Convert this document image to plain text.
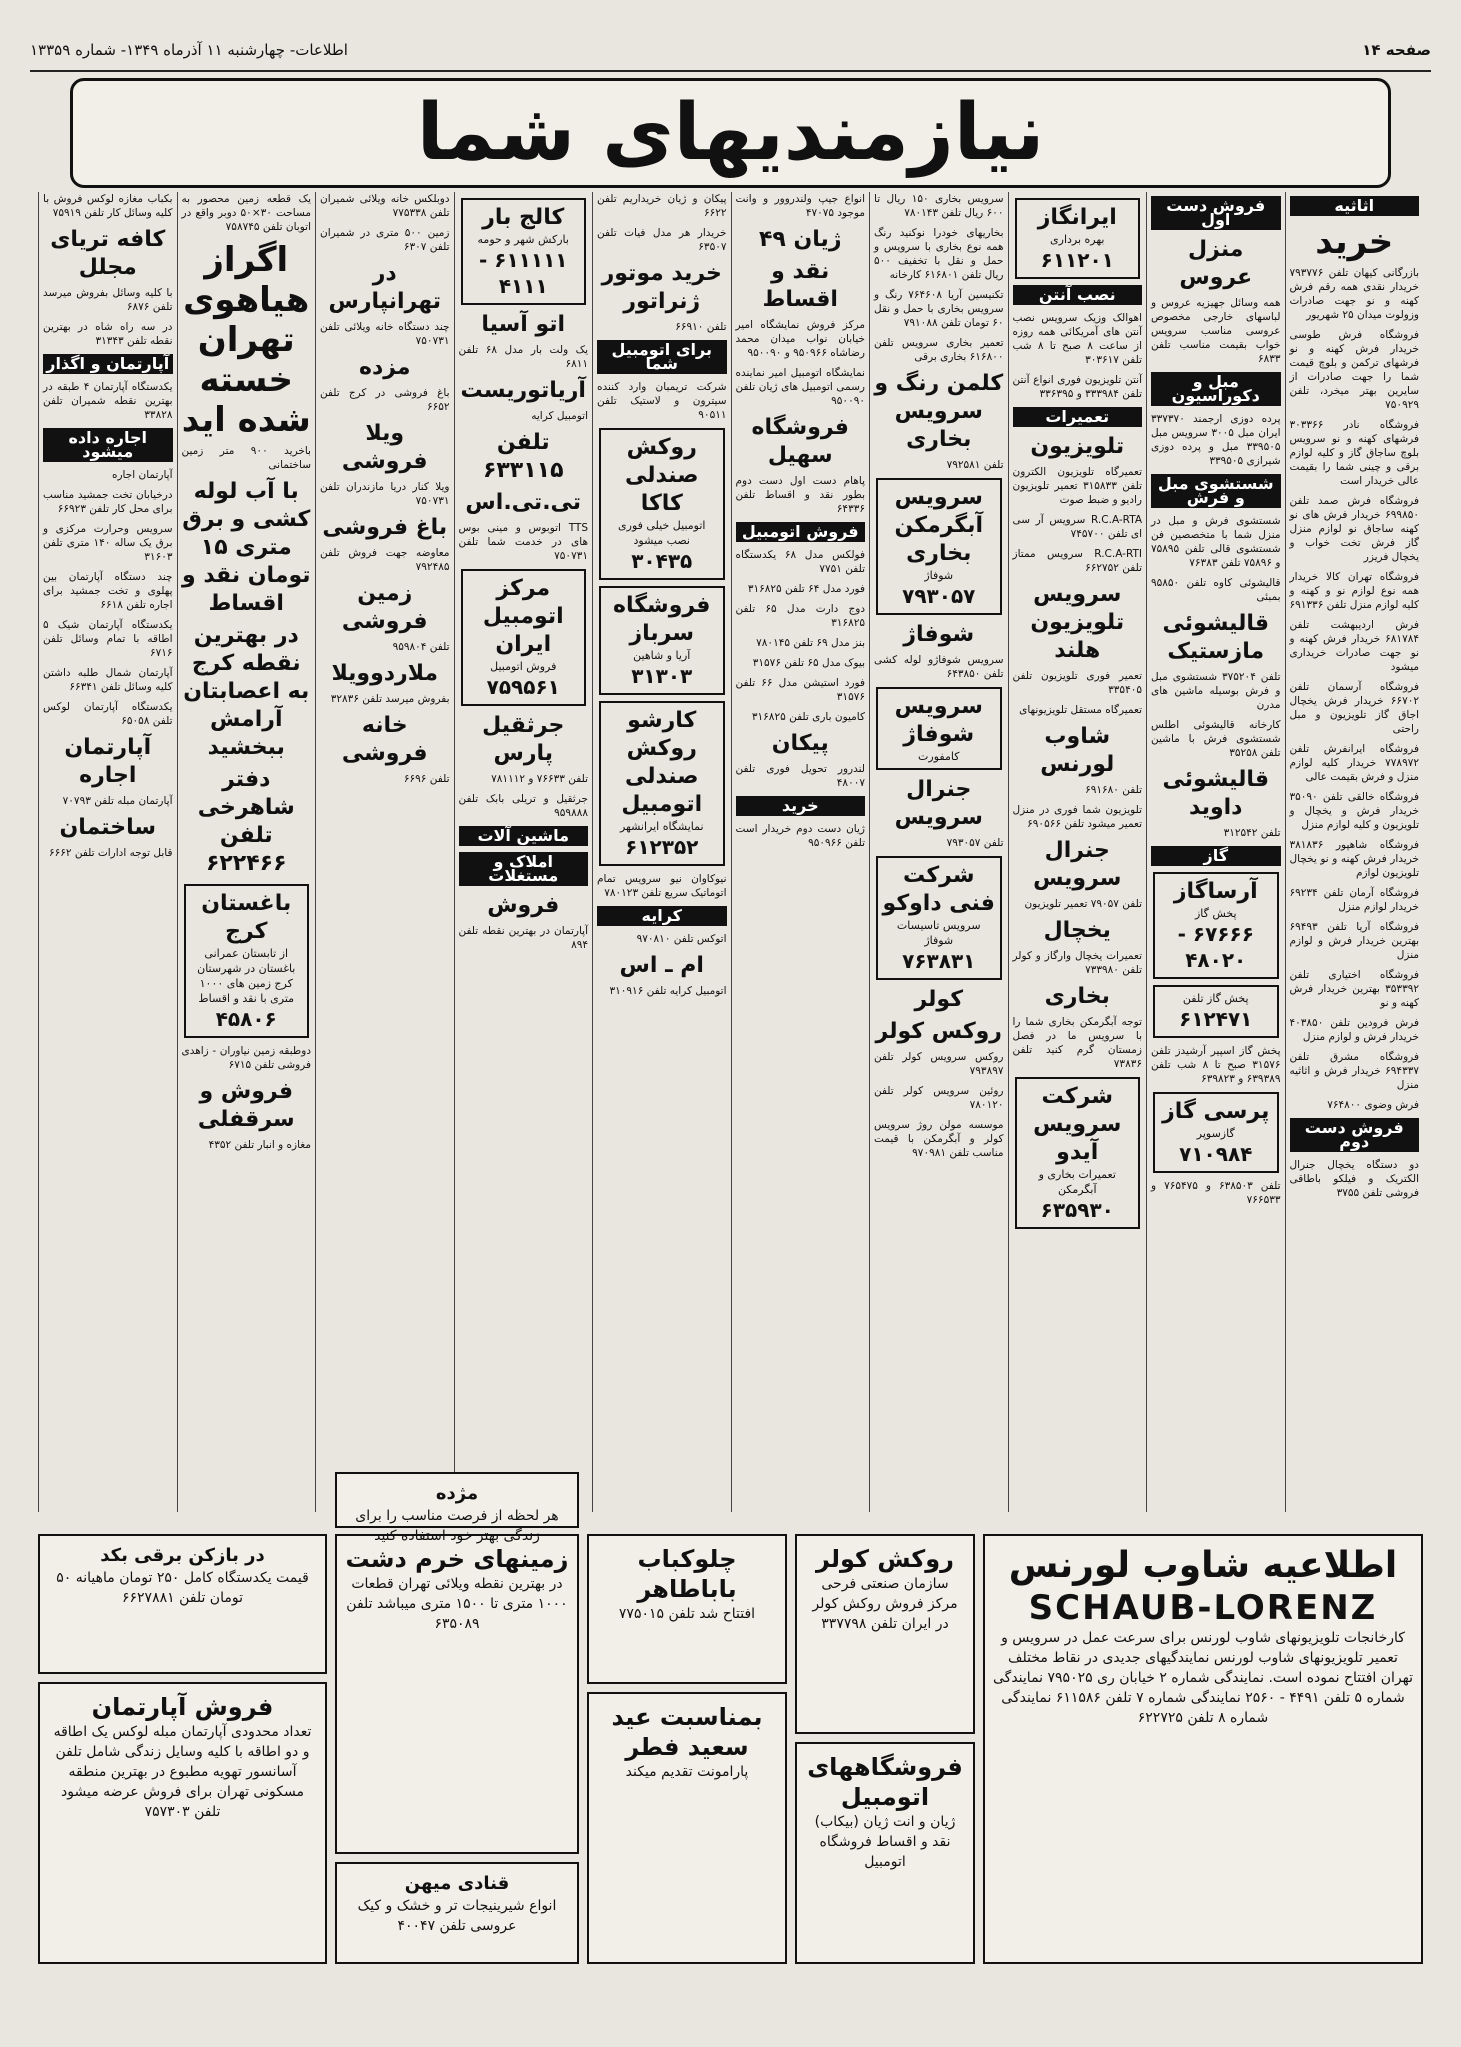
صفحه ۱۴
اطلاعات- چهارشنبه ۱۱ آذرماه ۱۳۴۹- شماره ۱۳۳۵۹
نیازمندیهای شما
اثاثیه
خرید

بازرگانی کیهان تلفن ۷۹۳۷۷۶ خریدار نقدی همه رقم فرش کهنه و نو جهت صادرات وزولوت میدان ۲۵ شهریور

فروشگاه فرش طوسی خریدار فرش کهنه و نو فرشهای ترکمن و بلوچ قیمت شما را جهت صادرات از سایرین بهتر میخرد، تلفن ۷۵۰۹۲۹

فروشگاه نادر ۳۰۳۳۶۶ فرشهای کهنه و نو سرویس بلوچ ساجاق گاز و کلیه لوازم برقی و چینی شما را بقیمت عالی خریدار است

فروشگاه فرش صمد تلفن ۶۹۹۸۵۰ خریدار فرش های نو کهنه ساجاق نو لوازم منزل گاز فرش تخت خواب و یخچال فریزر

فروشگاه تهران کالا خریدار همه نوع لوازم نو و کهنه و کلیه لوازم منزل تلفن ۶۹۱۳۳۶

فرش اردیبهشت تلفن ۶۸۱۷۸۴ خریدار فرش کهنه و نو جهت صادرات خریداری میشود

فروشگاه آرسمان تلفن ۶۶۷۰۲ خریدار فرش یخچال اجاق گاز تلویزیون و مبل راحتی

فروشگاه ایرانفرش تلفن ۷۷۸۹۷۲ خریدار کلیه لوازم منزل و فرش بقیمت عالی

فروشگاه خالقی تلفن ۳۵۰۹۰ خریدار فرش و یخچال و تلویزیون و کلیه لوازم منزل

فروشگاه شاهپور ۳۸۱۸۳۶ خریدار فرش کهنه و نو یخچال تلویزیون لوازم

فروشگاه آرمان تلفن ۶۹۲۳۴ خریدار لوازم منزل

فروشگاه آریا تلفن ۶۹۴۹۳ بهترین خریدار فرش و لوازم منزل

فروشگاه اختیاری تلفن ۳۵۳۳۹۲ بهترین خریدار فرش کهنه و نو

فرش فرودین تلفن ۴۰۳۸۵۰ خریدار فرش و لوازم منزل

فروشگاه مشرق تلفن ۶۹۴۳۳۷ خریدار فرش و اثاثیه منزل

فرش وضوی ۷۶۴۸۰۰

فروش دست دوم

دو دستگاه یخچال جنرال الکتریک و فیلکو باطاقی فروشی تلفن ۳۷۵۵

فروش دست اول
منزل عروس

همه وسائل جهیزیه عروس و لباسهای خارجی مخصوص عروسی مناسب سرویس خواب بقیمت مناسب تلفن ۶۸۳۳

مبل و دکوراسیون

پرده دوزی ارجمند ۳۳۷۳۷۰ ایران مبل ۳۰۰۵ سرویس مبل ۳۳۹۵۰۵ مبل و پرده دوزی شیرازی ۳۳۹۵۰۵

شستشوی مبل و فرش

شستشوی فرش و مبل در منزل شما با متخصصین فن شستشوی قالی تلفن ۷۵۸۹۵ و ۷۵۸۹۶ تلفن ۷۶۳۸۳

قالیشوئی کاوه تلفن ۹۵۸۵۰ بمبئی

قالیشوئی مازستیک

تلفن ۳۷۵۲۰۴ شستشوی مبل و فرش بوسیله ماشین های مدرن

کارخانه قالیشوئی اطلس شستشوی فرش با ماشین تلفن ۳۵۲۵۸

قالیشوئی داوید

تلفن ۳۱۲۵۴۲

گاز
آرساگاز
پخش گاز
۶۷۶۶۶ - ۴۸۰۲۰
پخش گاز تلفن
۶۱۲۴۷۱

پخش گاز اسپیر آرشیدز تلفن ۳۱۵۷۶ صبح تا ۸ شب تلفن ۶۳۹۳۸۹ و ۶۳۹۸۲۳

پرسی گاز
گازسوپر
۷۱۰۹۸۴

تلفن ۶۳۸۵۰۳ و ۷۶۵۴۷۵ و ۷۶۶۵۳۳

ایرانگاز
بهره برداری
۶۱۱۲۰۱
نصب آنتن

اهوالک وزیک سرویس نصب آنتن های آمریکائی همه روزه از ساعت ۸ صبح تا ۸ شب تلفن ۳۰۳۶۱۷

آنتن تلویزیون فوری انواع آنتن تلفن ۳۳۳۹۸۴ و ۳۳۶۳۹۵

تعمیرات
تلویزیون

تعمیرگاه تلویزیون الکترون تلفن ۳۱۵۸۳۳ تعمیر تلویزیون رادیو و ضبط صوت

R.C.A-RTA سرویس آر سی ای تلفن ۷۴۵۷۰۰

R.C.A-RTI سرویس ممتاز تلفن ۶۶۲۷۵۲

سرویس تلویزیون هلند

تعمیر فوری تلویزیون تلفن ۳۳۵۴۰۵

تعمیرگاه مستقل تلویزیونهای

شاوب لورنس

تلفن ۶۹۱۶۸۰

تلویزیون شما فوری در منزل تعمیر میشود تلفن ۶۹۰۵۶۶

جنرال سرویس

تلفن ۷۹۰۵۷ تعمیر تلویزیون

یخچال

تعمیرات یخچال وارگاز و کولر تلفن ۷۳۳۹۸۰

بخاری

توجه آبگرمکن بخاری شما را با سرویس ما در فصل زمستان گرم کنید تلفن ۷۳۸۳۶

شرکت سرویس آیدو
تعمیرات بخاری و آبگرمکن
۶۳۵۹۳۰

سرویس بخاری ۱۵۰ ریال تا ۶۰۰ ریال تلفن ۷۸۰۱۴۳

بخاریهای خودرا نوکنید رنگ همه نوع بخاری با سرویس و حمل و نقل با تخفیف ۵۰۰ ریال تلفن ۶۱۶۸۰۱ کارخانه

تکنیسین آریا ۷۶۴۶۰۸ رنگ و سرویس بخاری با حمل و نقل ۶۰ تومان تلفن ۷۹۱۰۸۸

تعمیر بخاری سرویس تلفن ۶۱۶۸۰۰ بخاری برقی

کلمن رنگ و سرویس بخاری

تلفن ۷۹۲۵۸۱

سرویس آبگرمکن بخاری
شوفاژ
۷۹۳۰۵۷
شوفاژ

سرویس شوفاژو لوله کشی تلفن ۶۴۳۸۵۰

سرویس شوفاژ
کامفورت
جنرال سرویس

تلفن ۷۹۳۰۵۷

شرکت فنی داوکو
سرویس تاسیسات شوفاژ
۷۶۳۸۳۱
کولر
روکس کولر

روکس سرویس کولر تلفن ۷۹۳۸۹۷

روئین سرویس کولر تلفن ۷۸۰۱۲۰

موسسه مولن روژ سرویس کولر و آبگرمکن با قیمت مناسب تلفن ۹۷۰۹۸۱

انواع جیپ ولندروور و وانت موجود ۴۷۰۷۵

ژیان ۴۹
نقد و اقساط

مرکز فروش نمایشگاه امیر خیابان نواب میدان محمد رضاشاه ۹۵۰۹۶۶ و ۹۵۰۰۹۰

نمایشگاه اتومبیل امیر نماینده رسمی اتومبیل های ژیان تلفن ۹۵۰۰۹۰

فروشگاه سهیل

پاهام دست اول دست دوم بطور نقد و اقساط تلفن ۶۴۳۳۶

فروش اتومبیل

فولکس مدل ۶۸ یکدستگاه تلفن ۷۷۵۱

فورد مدل ۶۴ تلفن ۳۱۶۸۲۵

دوج دارت مدل ۶۵ تلفن ۳۱۶۸۲۵

بنز مدل ۶۹ تلفن ۷۸۰۱۴۵

بیوک مدل ۶۵ تلفن ۳۱۵۷۶

فورد استیشن مدل ۶۶ تلفن ۳۱۵۷۶

کامیون باری تلفن ۳۱۶۸۲۵

پیکان

لندرور تحویل فوری تلفن ۴۸۰۰۷

خرید

ژیان دست دوم خریدار است تلفن ۹۵۰۹۶۶

پیکان و ژیان خریداریم تلفن ۶۶۲۲

خریدار هر مدل فیات تلفن ۶۳۵۰۷

خرید موتور ژنراتور

تلفن ۶۶۹۱۰

برای اتومبیل شما

شرکت تریمبان وارد کننده سیترون و لاستیک تلفن ۹۰۵۱۱

روکش صندلی کاکا
اتومبیل خیلی فوری نصب میشود
۳۰۴۳۵
فروشگاه سرباز
آریا و شاهین
۳۱۳۰۳
کارشو روکش صندلی اتومبیل
نمایشگاه ایرانشهر
۶۱۲۳۵۲

نیوکاوان نیو سرویس تمام اتوماتیک سریع تلفن ۷۸۰۱۲۳

کرایه

اتوکس تلفن ۹۷۰۸۱۰

ام ـ اس

اتومبیل کرایه تلفن ۳۱۰۹۱۶

کالج بار
بارکش شهر و حومه
۶۱۱۱۱۱ - ۴۱۱۱
اتو آسیا

یک ولت بار مدل ۶۸ تلفن ۶۸۱۱

آریاتوریست

اتومبیل کرایه

تلفن ۶۳۳۱۱۵
تی.تی.اس

TTS اتوبوس و مینی بوس های در خدمت شما تلفن ۷۵۰۷۳۱

مرکز اتومبیل ایران
فروش اتومبیل
۷۵۹۵۶۱
جرثقیل پارس

تلفن ۷۶۶۳۳ و ۷۸۱۱۱۲

جرثقیل و تریلی بابک تلفن ۹۵۹۸۸۸

ماشین آلات
املاک و مستغلات
فروش

آپارتمان در بهترین نقطه تلفن ۸۹۴

دوبلکس خانه ویلائی شمیران تلفن ۷۷۵۳۳۸

زمین ۵۰۰ متری در شمیران تلفن ۶۳۰۷

در تهرانپارس

چند دستگاه خانه ویلائی تلفن ۷۵۰۷۳۱

مزده

باغ فروشی در کرج تلفن ۶۶۵۲

ویلا فروشی

ویلا کنار دریا مازندران تلفن ۷۵۰۷۳۱

باغ فروشی

معاوضه جهت فروش تلفن ۷۹۲۴۸۵

زمین فروشی

تلفن ۹۵۹۸۰۴

ملاردوویلا

بفروش میرسد تلفن ۳۲۸۳۶

خانه فروشی

تلفن ۶۶۹۶

یک قطعه زمین محصور به مساحت ۳۰×۵۰ دوبر واقع در اتوبان تلفن ۷۵۸۷۴۵

اگراز هیاهوی تهران خسته شده اید

باخرید ۹۰۰ متر زمین ساختمانی

با آب لوله کشی و برق متری ۱۵ تومان نقد و اقساط
در بهترین نقطه کرج به اعصابتان آرامش ببخشید
دفتر شاهرخی تلفن ۶۲۲۴۶۶
باغستان کرج
از تابستان عمرانی باغستان در شهرستان کرج زمین های ۱۰۰۰ متری با نقد و اقساط
۴۵۸۰۶

دوطبقه زمین نیاوران - زاهدی فروشی تلفن ۶۷۱۵

فروش و سرقفلی

مغازه و انبار تلفن ۴۳۵۲

بکباب مغازه لوکس فروش با کلیه وسائل کار تلفن ۷۵۹۱۹

کافه تریای مجلل

با کلیه وسائل بفروش میرسد تلفن ۶۸۷۶

در سه راه شاه در بهترین نقطه تلفن ۳۱۳۴۳

آپارتمان و اگذار

یکدستگاه آپارتمان ۴ طبقه در بهترین نقطه شمیران تلفن ۳۳۸۲۸

اجاره داده میشود

آپارتمان اجاره

درخیابان تخت جمشید مناسب برای محل کار تلفن ۶۶۹۲۳

سرویس وحرارت مرکزی و برق یک ساله ۱۴۰ متری تلفن ۳۱۶۰۳

چند دستگاه آپارتمان بین پهلوی و تخت جمشید برای اجاره تلفن ۶۶۱۸

یکدستگاه آپارتمان شیک ۵ اطاقه با تمام وسائل تلفن ۶۷۱۶

آپارتمان شمال طلبه داشتن کلیه وسائل تلفن ۶۶۳۴۱

یکدستگاه آپارتمان لوکس تلفن ۶۵۰۵۸

آپارتمان اجاره

آپارتمان مبله تلفن ۷۰۷۹۳

ساختمان

قابل توجه ادارات تلفن ۶۶۶۲

اطلاعیه شاوب لورنس
SCHAUB-LORENZ
کارخانجات تلویزیونهای شاوب لورنس برای سرعت عمل در سرویس و تعمیر تلویزیونهای شاوب لورنس نمایندگیهای جدیدی در نقاط مختلف تهران افتتاح نموده است. نمایندگی شماره ۲ خیابان ری ۷۹۵۰۲۵ نمایندگی شماره ۵ تلفن ۴۴۹۱ - ۲۵۶۰ نمایندگی شماره ۷ تلفن ۶۱۱۵۸۶ نمایندگی شماره ۸ تلفن ۶۲۲۷۲۵
روکش کولر
سازمان صنعتی فرحی مرکز فروش روکش کولر در ایران تلفن ۳۳۷۷۹۸
فروشگاههای اتومبیل
ژیان و انت ژیان (بیکاب) نقد و اقساط فروشگاه اتومبیل
چلوکباب باباطاهر
افتتاح شد تلفن ۷۷۵۰۱۵
بمناسبت عید سعید فطر
پارامونت تقدیم میکند
زمینهای خرم دشت
در بهترین نقطه ویلائی تهران قطعات ۱۰۰۰ متری تا ۱۵۰۰ متری میباشد تلفن ۶۳۵۰۸۹
قنادی میهن
انواع شیرینیجات تر و خشک و کیک عروسی تلفن ۴۰۰۴۷
در بازکن برقی بکد
قیمت یکدستگاه کامل ۲۵۰ تومان ماهیانه ۵۰ تومان تلفن ۶۶۲۷۸۸۱
فروش آپارتمان
تعداد محدودی آپارتمان مبله لوکس یک اطاقه و دو اطاقه با کلیه وسایل زندگی شامل تلفن آسانسور تهویه مطبوع در بهترین منطقه مسکونی تهران برای فروش عرضه میشود تلفن ۷۵۷۳۰۳
مژده
هر لحظه از فرصت مناسب را برای زندگی بهتر خود استفاده کنید
